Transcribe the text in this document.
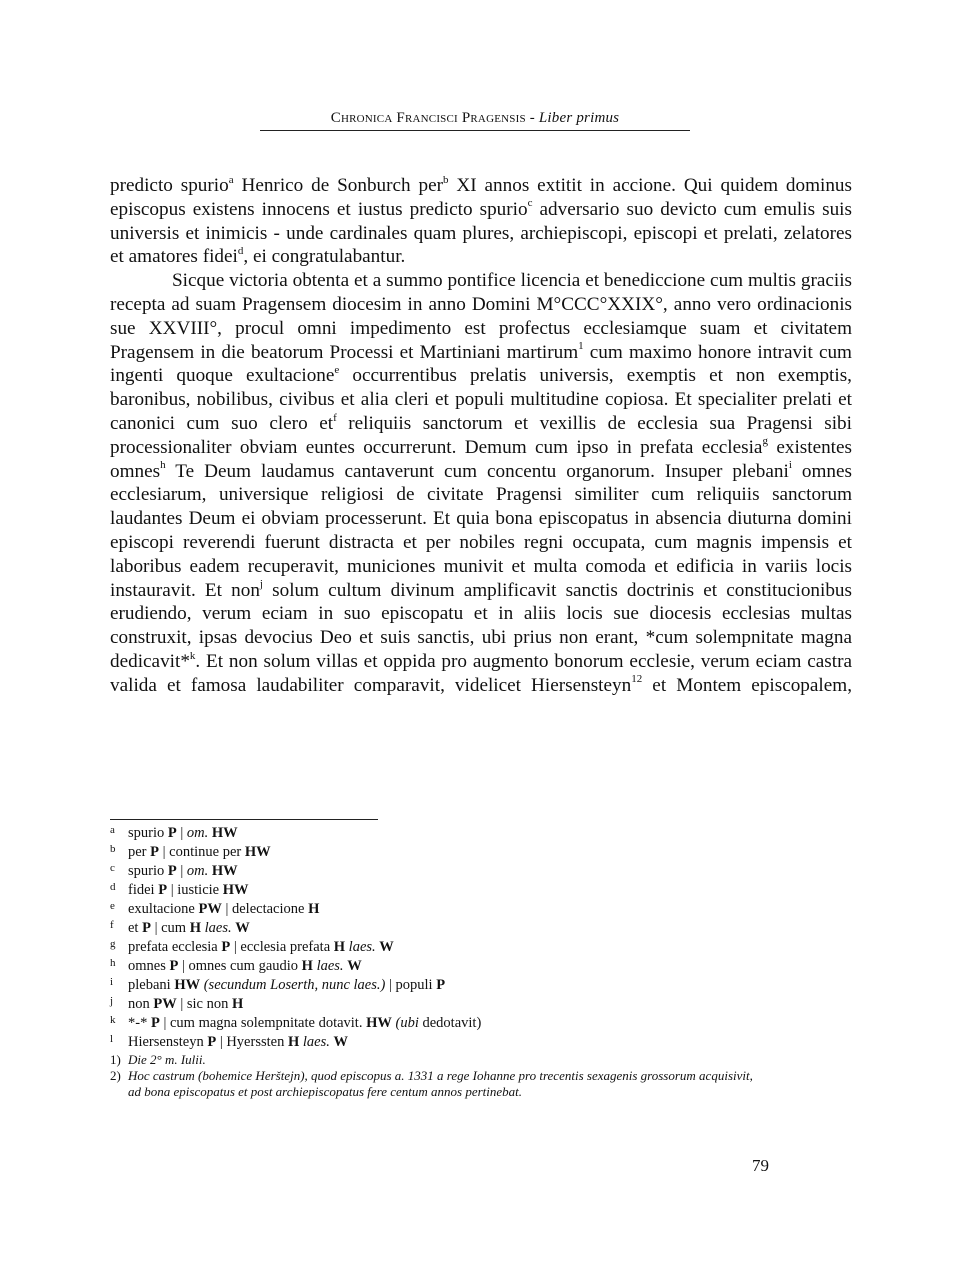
Chronica Francisci Pragensis - Liber primus

predicto spurio$^a$ Henrico de Sonburch per$^b$ XI annos extitit in accione. Qui quidem dominus episcopus existens innocens et iustus predicto spurio$^c$ adversario suo devicto cum emulis suis universis et inimicis - unde cardinales quam plures, archiepiscopi, episcopi et prelati, zelatores et amatores fidei$^d$, ei congratulabantur.

Sicque victoria obtenta et a summo pontifice licencia et benediccione cum multis graciis recepta ad suam Pragensem diocesim in anno Domini M°CCC°XXIX°, anno vero ordinacionis sue XXVIII°, procul omni impedimento est profectus ecclesiamque suam et civitatem Pragensem in die beatorum Processi et Martiniani martirum$^1$ cum maximo honore intravit cum ingenti quoque exultacione$^e$ occurrentibus prelatis universis, exemptis et non exemptis, baronibus, nobilibus, civibus et alia cleri et populi multitudine copiosa. Et specialiter prelati et canonici cum suo clero $et^f$ reliquiis sanctorum et vexillis de ecclesia sua Pragensi sibi processionaliter obviam euntes occurrerunt. Demum cum ipso in prefata ecclesia$^g$ existentes omnes$^h$ Te Deum laudamus cantaverunt cum concentu organorum. Insuper plebani$^i$ omnes ecclesiarum, universique religiosi de civitate Pragensi similiter cum reliquiis sanctorum laudantes Deum ei obviam processerunt. Et quia bona episcopatus in absencia diuturna domini episcopi reverendi fuerunt distracta et per nobiles regni occupata, cum magnis impensis et laboribus eadem recuperavit, municiones munivit et multa comoda et edificia in variis locis instauravit. Et non$^j$ solum cultum divinum amplificavit sanctis doctrinis et constitucionibus erudiendo, verum eciam in suo episcopatu et in aliis locis sue diocesis ecclesias multas construxit, ipsas devocius Deo et suis sanctis, ubi prius non erant, *cum solempnitate magna dedicavit*$^k$. Et non solum villas et oppida pro augmento bonorum ecclesie, verum eciam castra valida et famosa laudabiliter comparavit, videlicet Hiersensteyn$^{12}$ et Montem episcopalem,

a spurio P | om. HW
b per P | continue per HW
c spurio P | om. HW
d fidei P | iusticie HW
e exultacione PW | delectacione H
f et P | cum H laes. W
g prefata ecclesia P | ecclesia prefata H laes. W
h omnes P | omnes cum gaudio H laes. W
i	plebani HW (secundum Loserth, nunc laes.) | populi P
j	non PW | sic non H
k *-* P | cum magna solempnitate dotavit. HW (ubi dedotavit)
l	Hiersensteyn P | Hyerssten H laes. W
1) Die 2° m. Iulii.
2) Hoc castrum (bohemice Herštejn), quod episcopus a. 1331 a rege Iohanne pro trecentis sexagenis grossorum acquisivit,
ad bona episcopatus et post archiepiscopatus fere centum annos pertinebat.
79
